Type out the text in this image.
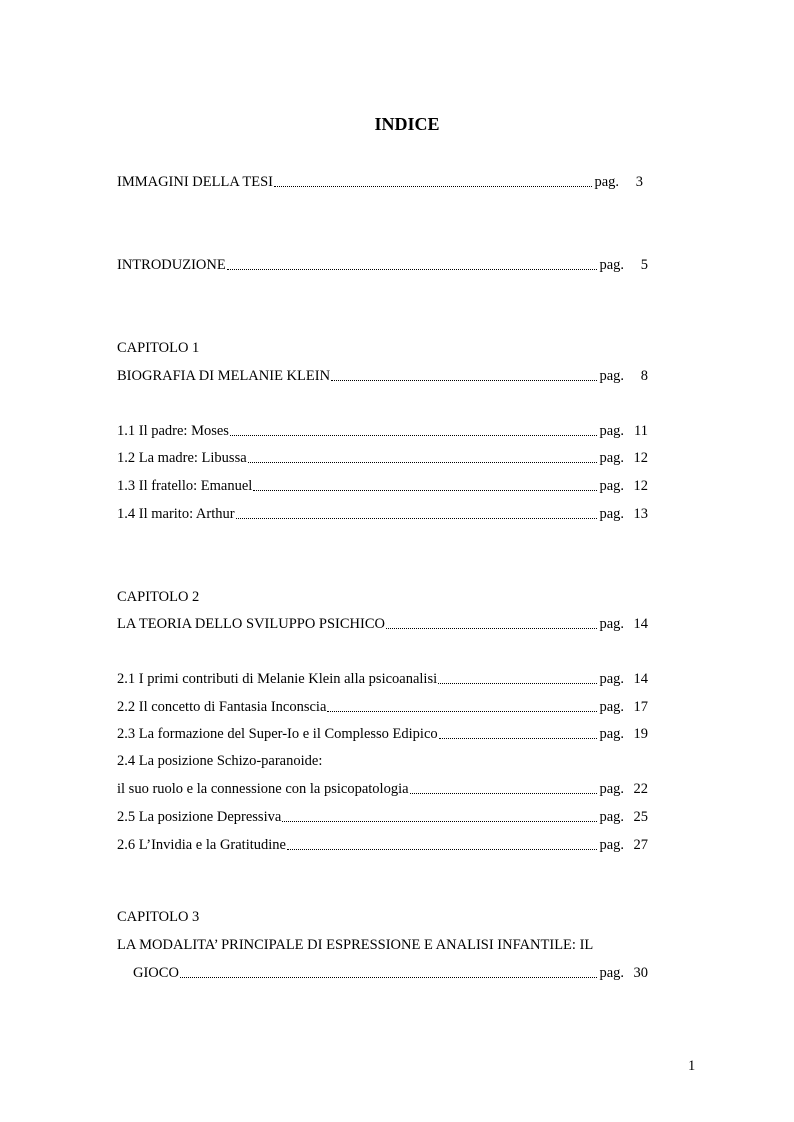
INDICE
IMMAGINI DELLA TESI	pag.	3
INTRODUZIONE	pag.	5
CAPITOLO 1
BIOGRAFIA DI MELANIE KLEIN	pag.	8
1.1 Il padre: Moses	pag. 11
1.2 La madre: Libussa	pag. 12
1.3 Il fratello: Emanuel	pag. 12
1.4 Il marito: Arthur	pag. 13
CAPITOLO 2
LA TEORIA DELLO SVILUPPO PSICHICO	pag. 14
2.1 I primi contributi di Melanie Klein alla psicoanalisi	pag. 14
2.2 Il concetto di Fantasia Inconscia	pag. 17
2.3 La formazione del Super-Io e il Complesso Edipico	pag. 19
2.4 La posizione Schizo-paranoide:
il suo ruolo e la connessione con la psicopatologia	pag. 22
2.5 La posizione Depressiva	pag. 25
2.6 L’Invidia e la Gratitudine	pag. 27
CAPITOLO 3
LA MODALITA’ PRINCIPALE DI ESPRESSIONE E ANALISI INFANTILE: IL
GIOCO	pag. 30
1
